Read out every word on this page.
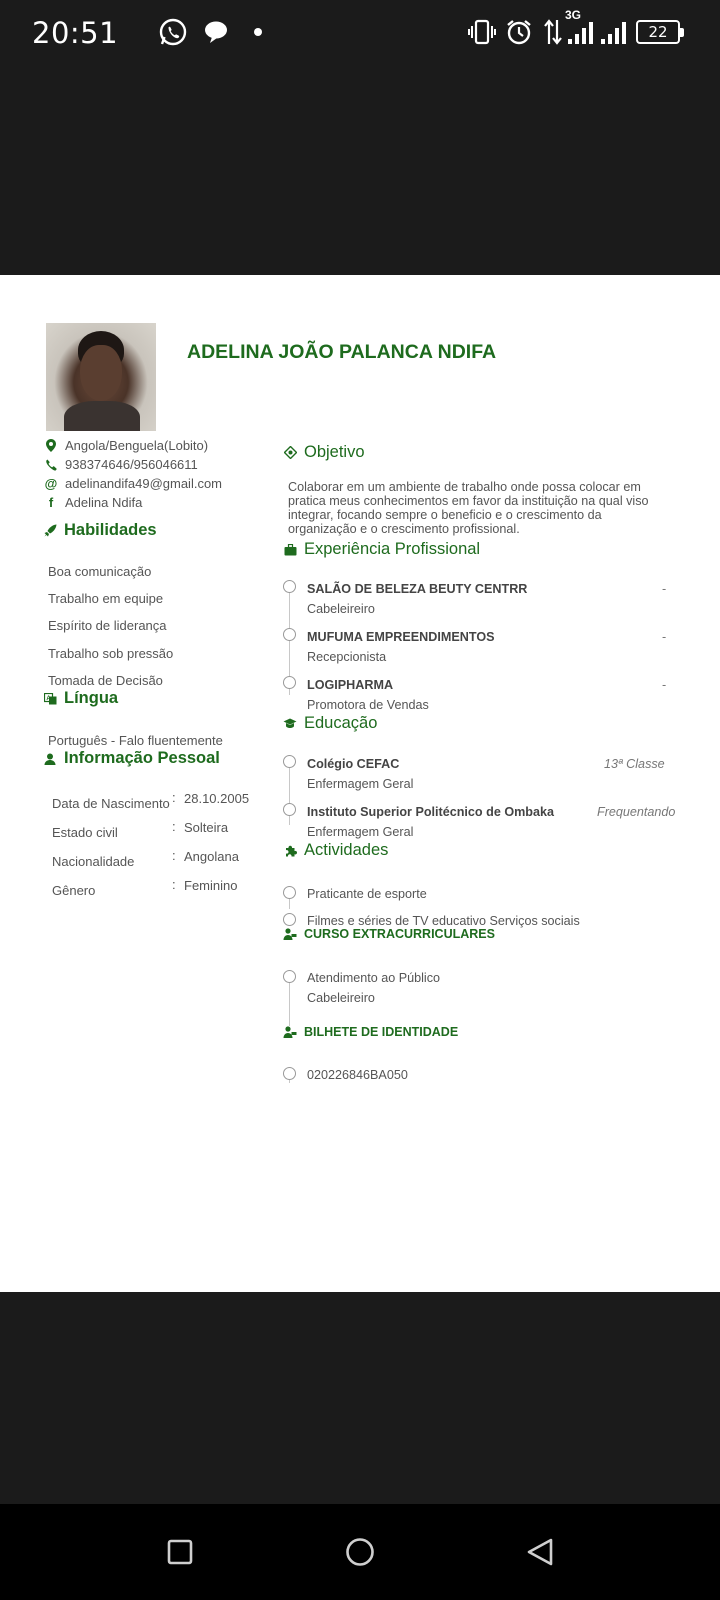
20:51
3G
22
ADELINA JOÃO PALANCA NDIFA
Angola/Benguela(Lobito)
938374646/956046611
@ adelinandifa49@gmail.com
f Adelina Ndifa
Habilidades
Boa comunicação
Trabalho em equipe
Espírito de liderança
Trabalho sob pressão
Tomada de Decisão
A Língua
Português - Falo fluentemente
Informação Pessoal
Data de Nascimento : 28.10.2005
Estado civil	: Solteira
Nacionalidade	: Angolana
Gênero	: Feminino
Objetivo
Colaborar em um ambiente de trabalho onde possa colocar em pratica meus conhecimentos em favor da instituição na qual viso integrar, focando sempre o beneficio e o crescimento da organização e o crescimento profissional.
Experiência Profissional
SALÃO DE BELEZA BEUTY CENTRR
Cabeleireiro
-
MUFUMA EMPREENDIMENTOS
Recepcionista
-
LOGIPHARMA
Promotora de Vendas
-
Educação
Colégio CEFAC
Enfermagem Geral
13ª Classe
Instituto Superior Politécnico de Ombaka
Enfermagem Geral
Frequentando
Actividades
Praticante de esporte
Filmes e séries de TV educativo Serviços sociais
CURSO EXTRACURRICULARES
Atendimento ao Público
Cabeleireiro
BILHETE DE IDENTIDADE
020226846BA050
